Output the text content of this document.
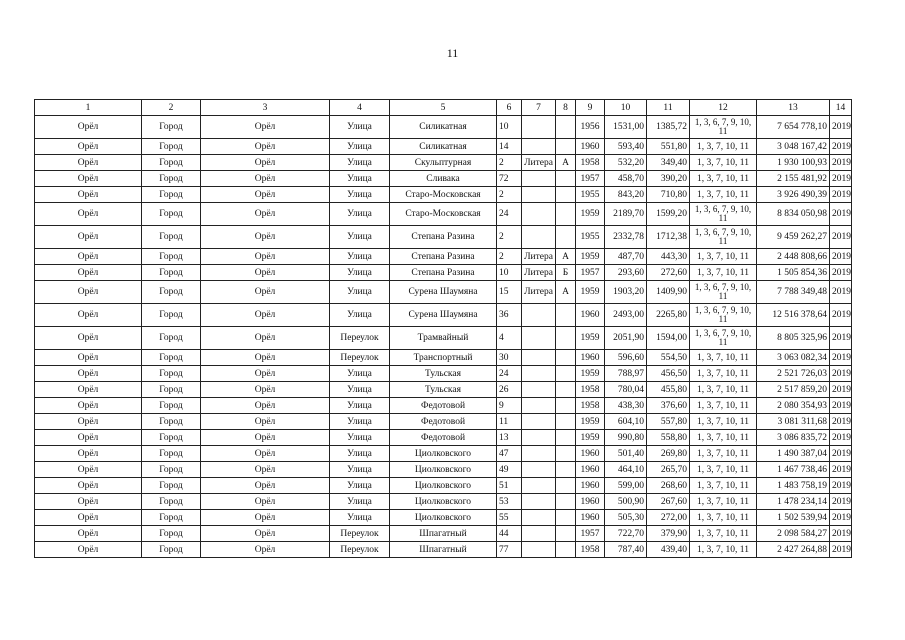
11
1	2	3	4	5	6	7	8	9	10	11	12	13	14
Орёл	Город	Орёл	Улица	Силикатная	10			1956	1531,00	1385,72	1, 3, 6, 7, 9, 10, 11	7 654 778,10	2019
Орёл	Город	Орёл	Улица	Силикатная	14			1960	593,40	551,80	1, 3, 7, 10, 11	3 048 167,42	2019
Орёл	Город	Орёл	Улица	Скульптурная	2	Литера	А	1958	532,20	349,40	1, 3, 7, 10, 11	1 930 100,93	2019
Орёл	Город	Орёл	Улица	Сливака	72			1957	458,70	390,20	1, 3, 7, 10, 11	2 155 481,92	2019
Орёл	Город	Орёл	Улица	Старо-Московская	2			1955	843,20	710,80	1, 3, 7, 10, 11	3 926 490,39	2019
Орёл	Город	Орёл	Улица	Старо-Московская	24			1959	2189,70	1599,20	1, 3, 6, 7, 9, 10, 11	8 834 050,98	2019
Орёл	Город	Орёл	Улица	Степана Разина	2			1955	2332,78	1712,38	1, 3, 6, 7, 9, 10, 11	9 459 262,27	2019
Орёл	Город	Орёл	Улица	Степана Разина	2	Литера	А	1959	487,70	443,30	1, 3, 7, 10, 11	2 448 808,66	2019
Орёл	Город	Орёл	Улица	Степана Разина	10	Литера	Б	1957	293,60	272,60	1, 3, 7, 10, 11	1 505 854,36	2019
Орёл	Город	Орёл	Улица	Сурена Шаумяна	15	Литера	А	1959	1903,20	1409,90	1, 3, 6, 7, 9, 10, 11	7 788 349,48	2019
Орёл	Город	Орёл	Улица	Сурена Шаумяна	36			1960	2493,00	2265,80	1, 3, 6, 7, 9, 10, 11	12 516 378,64	2019
Орёл	Город	Орёл	Переулок	Трамвайный	4			1959	2051,90	1594,00	1, 3, 6, 7, 9, 10, 11	8 805 325,96	2019
Орёл	Город	Орёл	Переулок	Транспортный	30			1960	596,60	554,50	1, 3, 7, 10, 11	3 063 082,34	2019
Орёл	Город	Орёл	Улица	Тульская	24			1959	788,97	456,50	1, 3, 7, 10, 11	2 521 726,03	2019
Орёл	Город	Орёл	Улица	Тульская	26			1958	780,04	455,80	1, 3, 7, 10, 11	2 517 859,20	2019
Орёл	Город	Орёл	Улица	Федотовой	9			1958	438,30	376,60	1, 3, 7, 10, 11	2 080 354,93	2019
Орёл	Город	Орёл	Улица	Федотовой	11			1959	604,10	557,80	1, 3, 7, 10, 11	3 081 311,68	2019
Орёл	Город	Орёл	Улица	Федотовой	13			1959	990,80	558,80	1, 3, 7, 10, 11	3 086 835,72	2019
Орёл	Город	Орёл	Улица	Циолковского	47			1960	501,40	269,80	1, 3, 7, 10, 11	1 490 387,04	2019
Орёл	Город	Орёл	Улица	Циолковского	49			1960	464,10	265,70	1, 3, 7, 10, 11	1 467 738,46	2019
Орёл	Город	Орёл	Улица	Циолковского	51			1960	599,00	268,60	1, 3, 7, 10, 11	1 483 758,19	2019
Орёл	Город	Орёл	Улица	Циолковского	53			1960	500,90	267,60	1, 3, 7, 10, 11	1 478 234,14	2019
Орёл	Город	Орёл	Улица	Циолковского	55			1960	505,30	272,00	1, 3, 7, 10, 11	1 502 539,94	2019
Орёл	Город	Орёл	Переулок	Шпагатный	44			1957	722,70	379,90	1, 3, 7, 10, 11	2 098 584,27	2019
Орёл	Город	Орёл	Переулок	Шпагатный	77			1958	787,40	439,40	1, 3, 7, 10, 11	2 427 264,88	2019
